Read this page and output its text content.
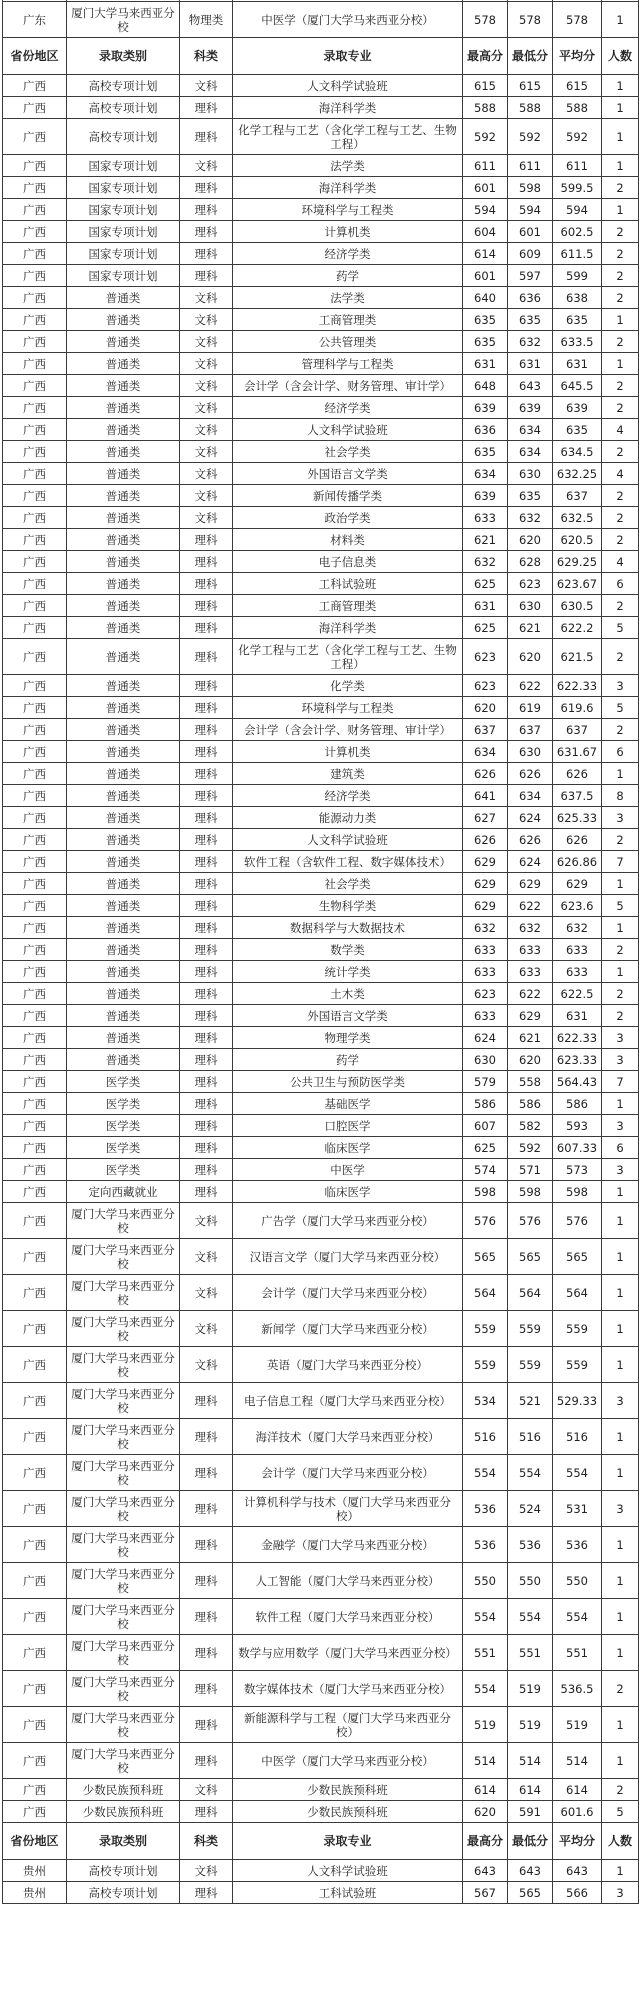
广东	厦门大学马来西亚分校	物理类	中医学（厦门大学马来西亚分校）	578	578	578	1
省份地区	录取类别	科类	录取专业	最高分	最低分	平均分	人数
广西	高校专项计划	文科	人文科学试验班	615	615	615	1
广西	高校专项计划	理科	海洋科学类	588	588	588	1
广西	高校专项计划	理科	化学工程与工艺（含化学工程与工艺、生物工程）	592	592	592	1
广西	国家专项计划	文科	法学类	611	611	611	1
广西	国家专项计划	理科	海洋科学类	601	598	599.5	2
广西	国家专项计划	理科	环境科学与工程类	594	594	594	1
广西	国家专项计划	理科	计算机类	604	601	602.5	2
广西	国家专项计划	理科	经济学类	614	609	611.5	2
广西	国家专项计划	理科	药学	601	597	599	2
广西	普通类	文科	法学类	640	636	638	2
广西	普通类	文科	工商管理类	635	635	635	1
广西	普通类	文科	公共管理类	635	632	633.5	2
广西	普通类	文科	管理科学与工程类	631	631	631	1
广西	普通类	文科	会计学（含会计学、财务管理、审计学）	648	643	645.5	2
广西	普通类	文科	经济学类	639	639	639	2
广西	普通类	文科	人文科学试验班	636	634	635	4
广西	普通类	文科	社会学类	635	634	634.5	2
广西	普通类	文科	外国语言文学类	634	630	632.25	4
广西	普通类	文科	新闻传播学类	639	635	637	2
广西	普通类	文科	政治学类	633	632	632.5	2
广西	普通类	理科	材料类	621	620	620.5	2
广西	普通类	理科	电子信息类	632	628	629.25	4
广西	普通类	理科	工科试验班	625	623	623.67	6
广西	普通类	理科	工商管理类	631	630	630.5	2
广西	普通类	理科	海洋科学类	625	621	622.2	5
广西	普通类	理科	化学工程与工艺（含化学工程与工艺、生物工程）	623	620	621.5	2
广西	普通类	理科	化学类	623	622	622.33	3
广西	普通类	理科	环境科学与工程类	620	619	619.6	5
广西	普通类	理科	会计学（含会计学、财务管理、审计学）	637	637	637	2
广西	普通类	理科	计算机类	634	630	631.67	6
广西	普通类	理科	建筑类	626	626	626	1
广西	普通类	理科	经济学类	641	634	637.5	8
广西	普通类	理科	能源动力类	627	624	625.33	3
广西	普通类	理科	人文科学试验班	626	626	626	2
广西	普通类	理科	软件工程（含软件工程、数字媒体技术）	629	624	626.86	7
广西	普通类	理科	社会学类	629	629	629	1
广西	普通类	理科	生物科学类	629	622	623.6	5
广西	普通类	理科	数据科学与大数据技术	632	632	632	1
广西	普通类	理科	数学类	633	633	633	2
广西	普通类	理科	统计学类	633	633	633	1
广西	普通类	理科	土木类	623	622	622.5	2
广西	普通类	理科	外国语言文学类	633	629	631	2
广西	普通类	理科	物理学类	624	621	622.33	3
广西	普通类	理科	药学	630	620	623.33	3
广西	医学类	理科	公共卫生与预防医学类	579	558	564.43	7
广西	医学类	理科	基础医学	586	586	586	1
广西	医学类	理科	口腔医学	607	582	593	3
广西	医学类	理科	临床医学	625	592	607.33	6
广西	医学类	理科	中医学	574	571	573	3
广西	定向西藏就业	理科	临床医学	598	598	598	1
广西	厦门大学马来西亚分校	文科	广告学（厦门大学马来西亚分校）	576	576	576	1
广西	厦门大学马来西亚分校	文科	汉语言文学（厦门大学马来西亚分校）	565	565	565	1
广西	厦门大学马来西亚分校	文科	会计学（厦门大学马来西亚分校）	564	564	564	1
广西	厦门大学马来西亚分校	文科	新闻学（厦门大学马来西亚分校）	559	559	559	1
广西	厦门大学马来西亚分校	文科	英语（厦门大学马来西亚分校）	559	559	559	1
广西	厦门大学马来西亚分校	理科	电子信息工程（厦门大学马来西亚分校）	534	521	529.33	3
广西	厦门大学马来西亚分校	理科	海洋技术（厦门大学马来西亚分校）	516	516	516	1
广西	厦门大学马来西亚分校	理科	会计学（厦门大学马来西亚分校）	554	554	554	1
广西	厦门大学马来西亚分校	理科	计算机科学与技术（厦门大学马来西亚分校）	536	524	531	3
广西	厦门大学马来西亚分校	理科	金融学（厦门大学马来西亚分校）	536	536	536	1
广西	厦门大学马来西亚分校	理科	人工智能（厦门大学马来西亚分校）	550	550	550	1
广西	厦门大学马来西亚分校	理科	软件工程（厦门大学马来西亚分校）	554	554	554	1
广西	厦门大学马来西亚分校	理科	数学与应用数学（厦门大学马来西亚分校）	551	551	551	1
广西	厦门大学马来西亚分校	理科	数字媒体技术（厦门大学马来西亚分校）	554	519	536.5	2
广西	厦门大学马来西亚分校	理科	新能源科学与工程（厦门大学马来西亚分校）	519	519	519	1
广西	厦门大学马来西亚分校	理科	中医学（厦门大学马来西亚分校）	514	514	514	1
广西	少数民族预科班	文科	少数民族预科班	614	614	614	2
广西	少数民族预科班	理科	少数民族预科班	620	591	601.6	5
省份地区	录取类别	科类	录取专业	最高分	最低分	平均分	人数
贵州	高校专项计划	文科	人文科学试验班	643	643	643	1
贵州	高校专项计划	理科	工科试验班	567	565	566	3
